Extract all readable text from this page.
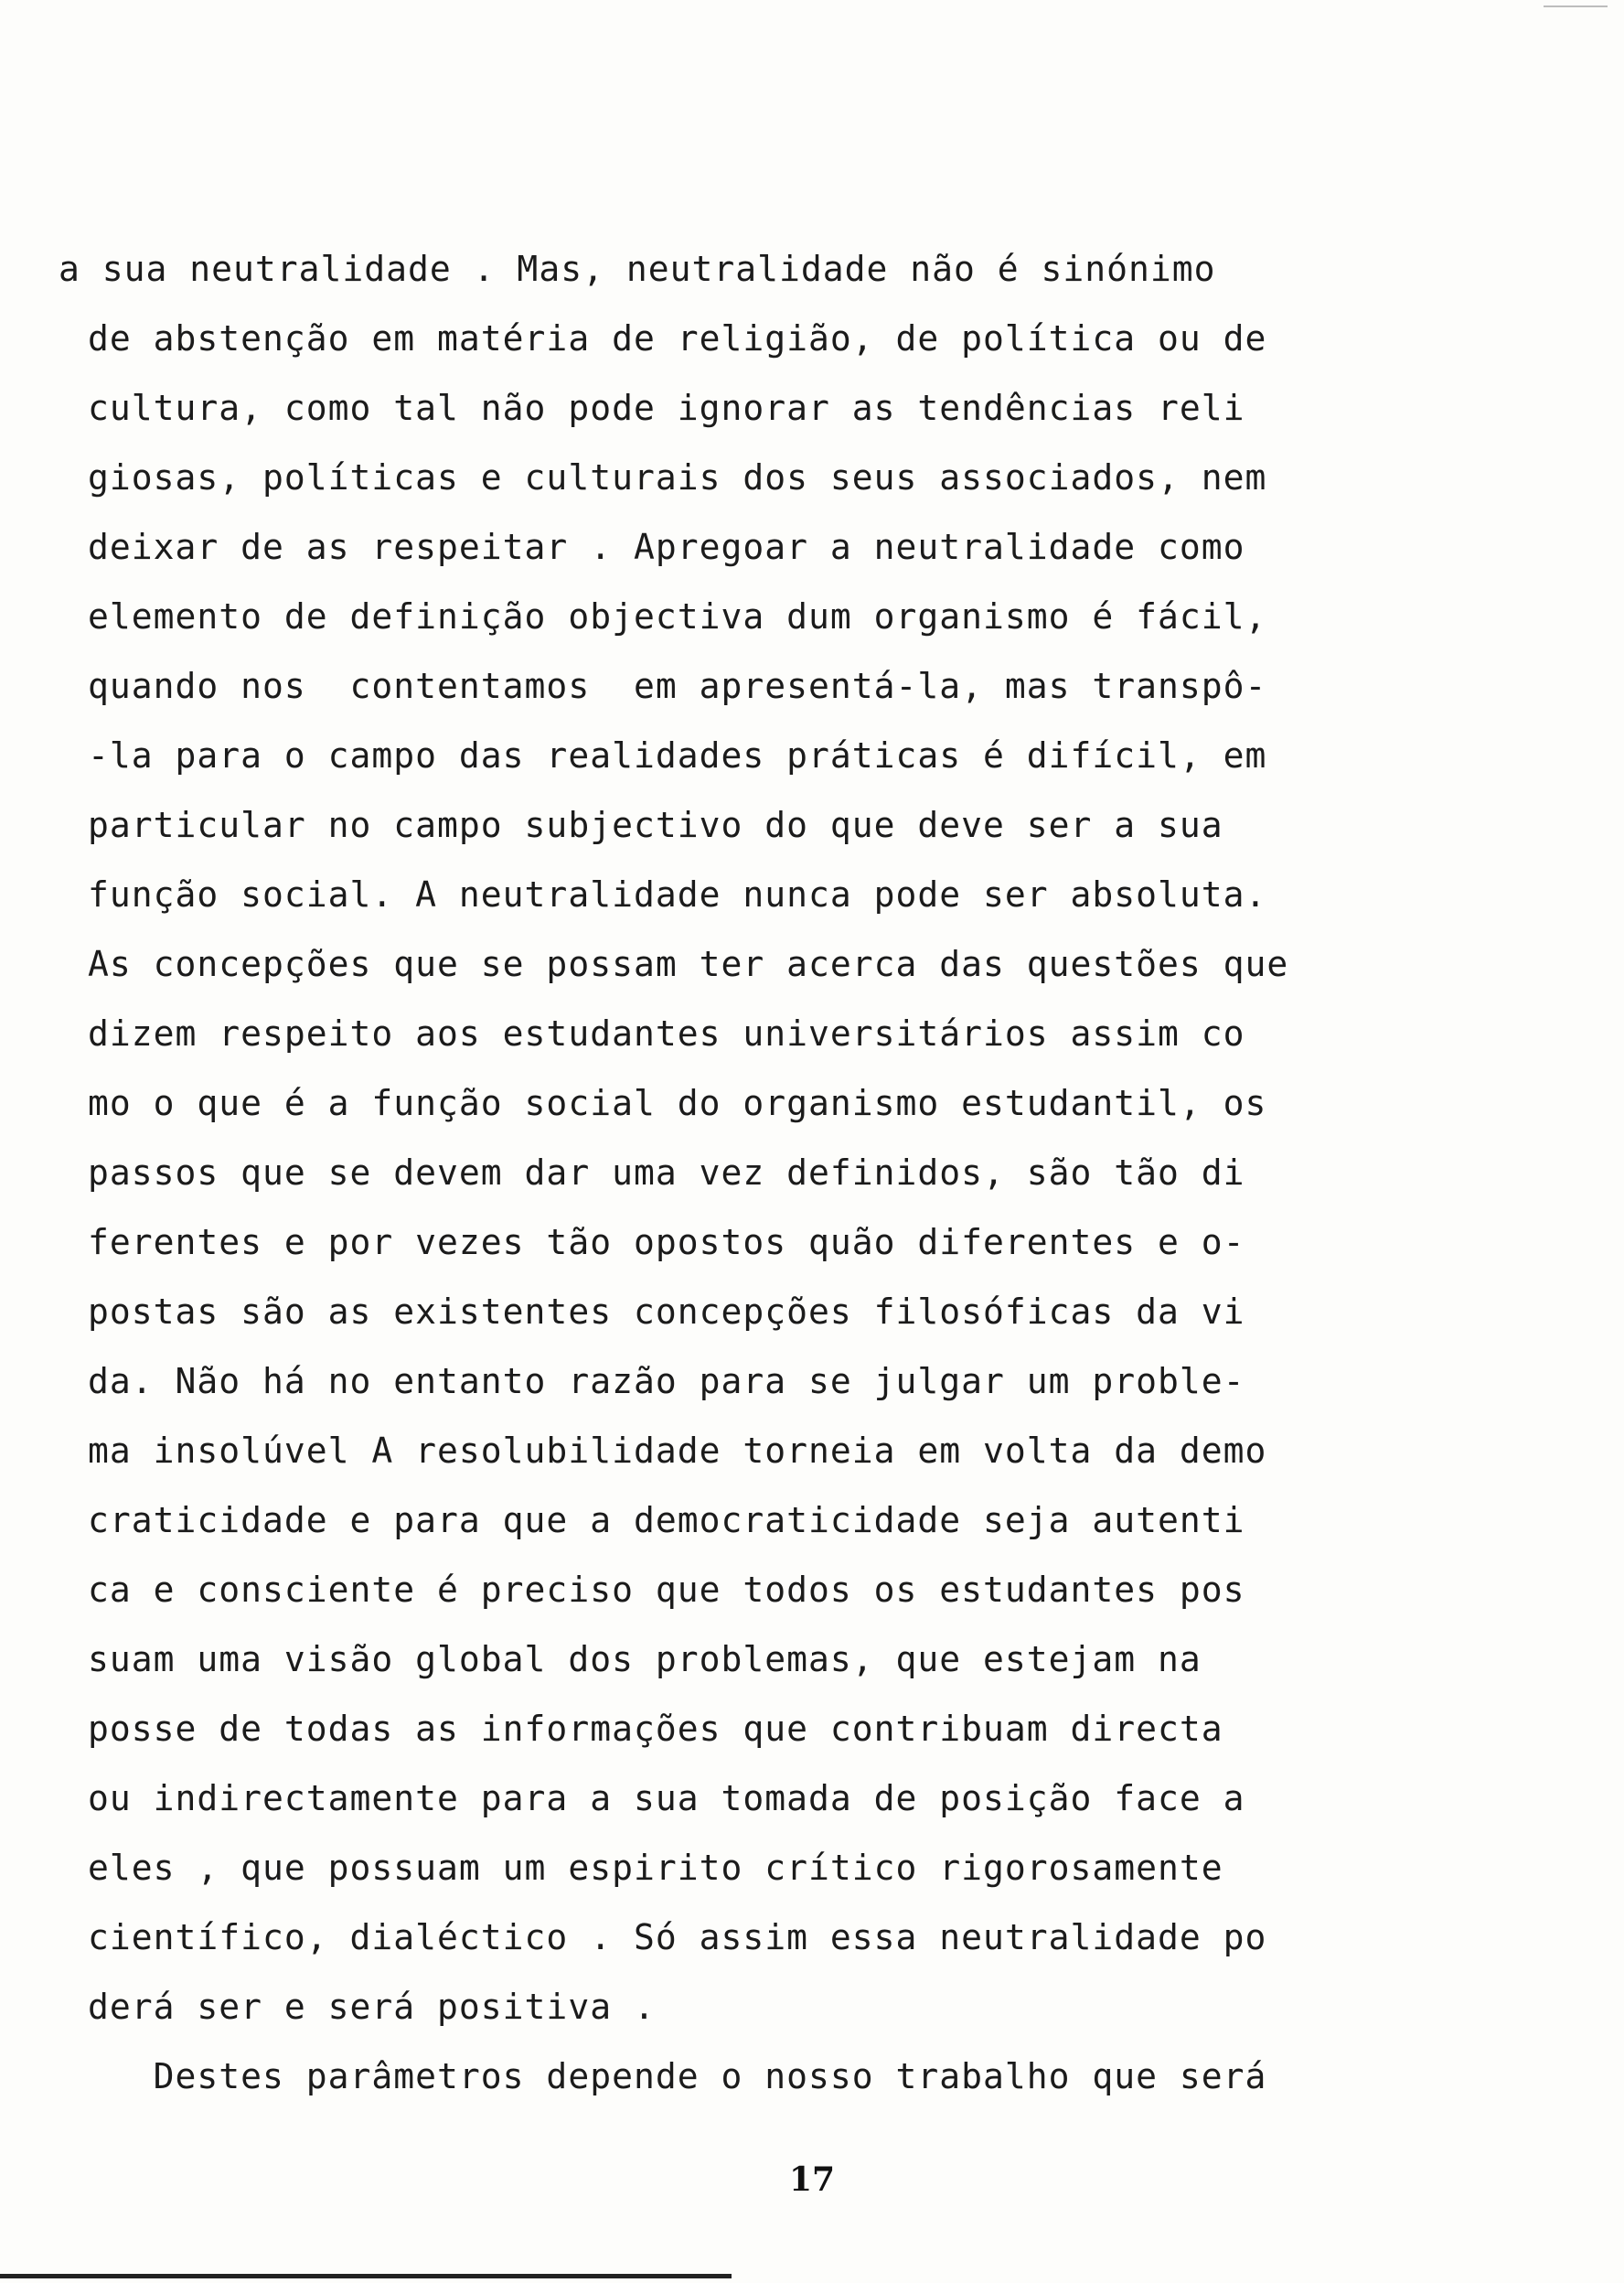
a sua neutralidade . Mas, neutralidade não é sinónimo
de abstenção em matéria de religião, de política ou de
cultura, como tal não pode ignorar as tendências reli
giosas, políticas e culturais dos seus associados, nem
deixar de as respeitar . Apregoar a neutralidade como
elemento de definição objectiva dum organismo é fácil,
quando nos  contentamos  em apresentá-la, mas transpô-
-la para o campo das realidades práticas é difícil, em
particular no campo subjectivo do que deve ser a sua
função social. A neutralidade nunca pode ser absoluta.
As concepções que se possam ter acerca das questões que
dizem respeito aos estudantes universitários assim co
mo o que é a função social do organismo estudantil, os
passos que se devem dar uma vez definidos, são tão di
ferentes e por vezes tão opostos quão diferentes e o-
postas são as existentes concepções filosóficas da vi
da. Não há no entanto razão para se julgar um proble-
ma insolúvel A resolubilidade torneia em volta da demo
craticidade e para que a democraticidade seja autenti
ca e consciente é preciso que todos os estudantes pos
suam uma visão global dos problemas, que estejam na
posse de todas as informações que contribuam directa
ou indirectamente para a sua tomada de posição face a
eles , que possuam um espirito crítico rigorosamente
científico, dialéctico . Só assim essa neutralidade po
derá ser e será positiva .
Destes parâmetros depende o nosso trabalho que será
17
